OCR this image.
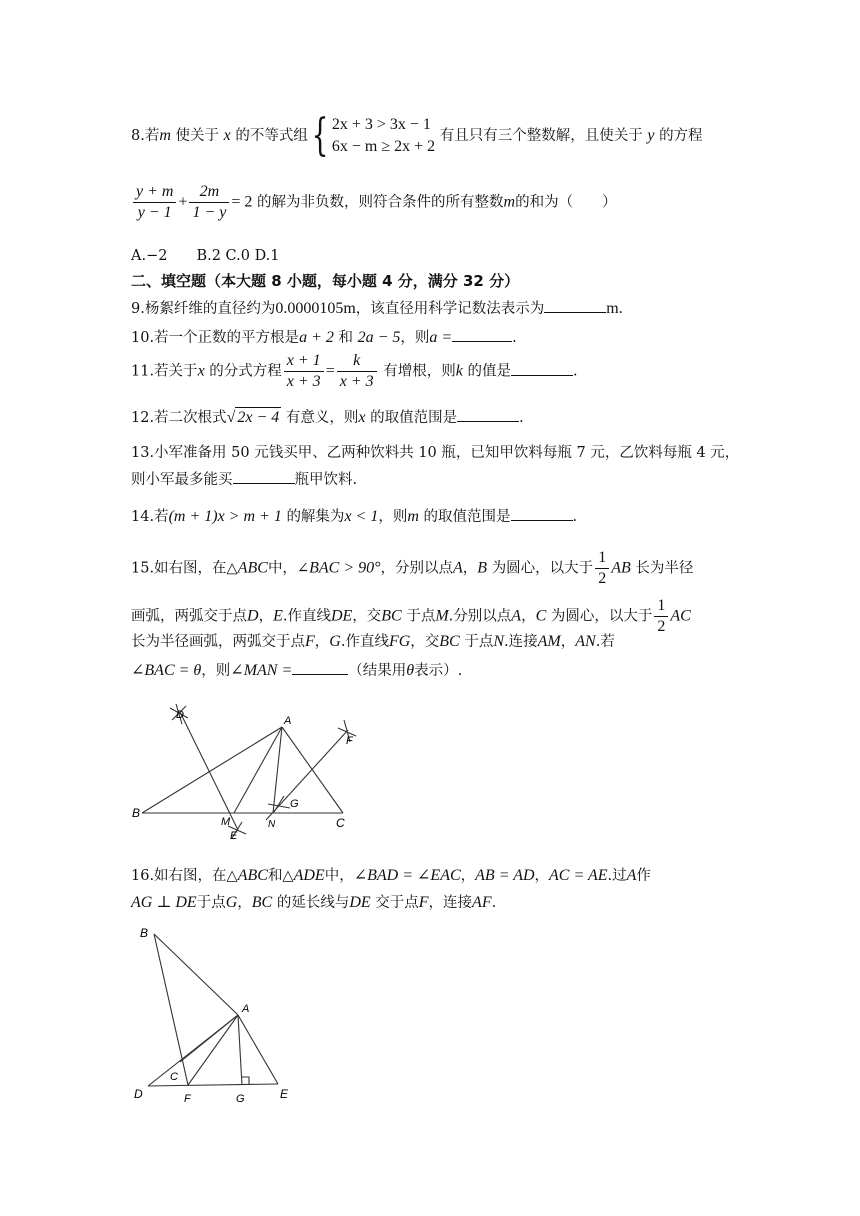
8.若m 使关于 x 的不等式组{ 2x + 3 > 3x − 1
6x − m ≥ 2x + 2
有且只有三个整数解，且使关于 y 的方程
$\frac{y + m}{y - 1} + \frac{2m}{1 - y} = 2$ 的解为非负数，则符合条件的所有整数m的和为（　　）
A.−2　　B.2 C.0 D.1
二、填空题（本大题 8 小题，每小题 4 分，满分 32 分）
9.杨絮纤维的直径约为0.0000105m，该直径用科学记数法表示为	m.
10.若一个正数的平方根是a + 2 和 2a − 5，则a =	.
11.若关于x 的分式方程 $\frac{x + 1}{x + 3} = \frac{k}{x + 3}$ 有增根，则k 的值是	.
12.若二次根式√ 2x − 4 有意义，则x 的取值范围是	.
13.小军准备用 50 元钱买甲、乙两种饮料共 10 瓶，已知甲饮料每瓶 7 元，乙饮料每瓶 4 元，
则小军最多能买	瓶甲饮料.
14.若(m + 1)x > m + 1 的解集为x < 1，则m 的取值范围是	.
15.如右图，在△ABC中，∠BAC > 90°，分别以点A，B 为圆心，以大于 $\frac{1}{2}$ AB 长为半径
画弧，两弧交于点D，E.作直线DE，交BC 于点M.分别以点A，C 为圆心，以大于 $\frac{1}{2}$ AC
长为半径画弧，两弧交于点F，G.作直线FG，交BC 于点N.连接AM，AN.若
∠BAC = θ，则∠MAN =	（结果用θ表示）.
B
A
C
D
E
F
G
M	N
16.如右图，在△ABC和△ADE中，∠BAD = ∠EAC，AB = AD，AC = AE.过A作
AG ⊥ DE于点G，BC 的延长线与DE 交于点F，连接AF.
B
A
C
D	F	G	E
